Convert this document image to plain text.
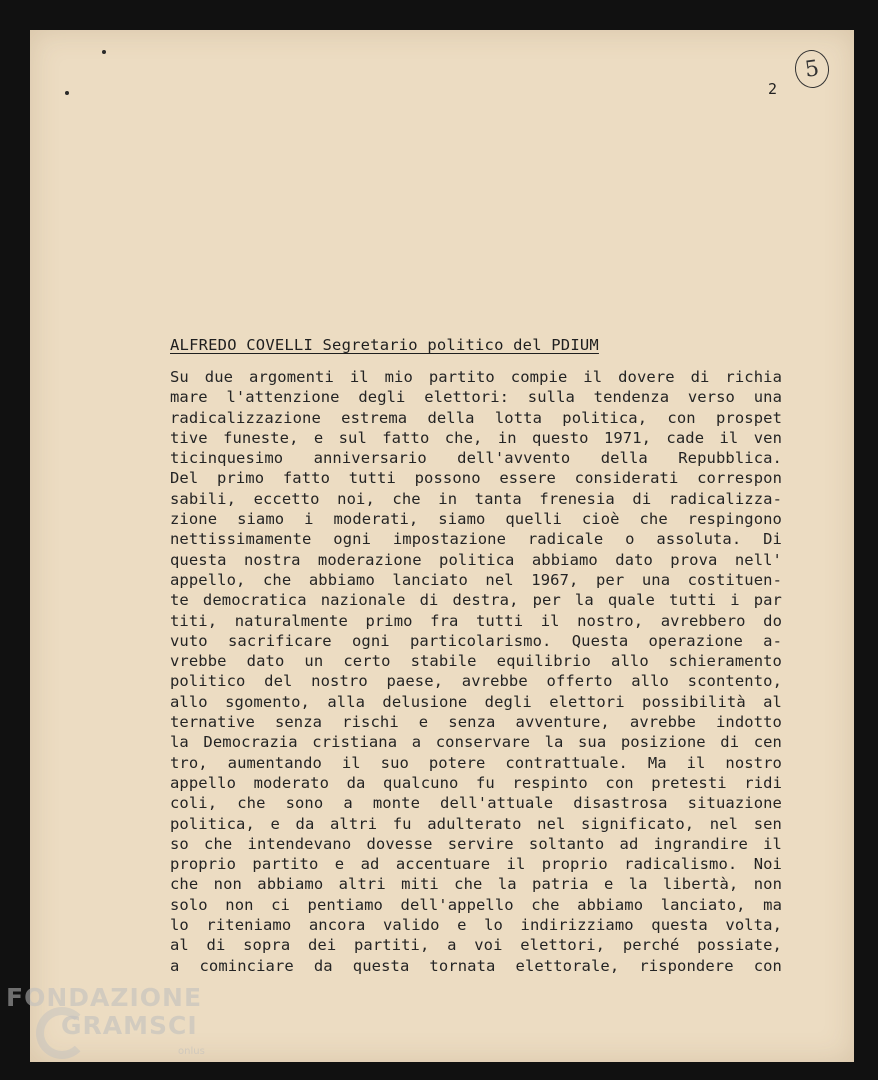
5
2
ALFREDO COVELLI Segretario politico del PDIUM
Su due argomenti il mio partito compie il dovere di richia
mare l'attenzione degli elettori: sulla tendenza verso una
radicalizzazione estrema della lotta politica, con prospet
tive funeste, e sul fatto che, in questo 1971, cade il ven
ticinquesimo anniversario dell'avvento della Repubblica.
Del primo fatto tutti possono essere considerati correspon
sabili, eccetto noi, che in tanta frenesia di radicalizza-
zione siamo i moderati, siamo quelli cioè che respingono
nettissimamente ogni impostazione radicale o assoluta. Di
questa nostra moderazione politica abbiamo dato prova nell'
appello, che abbiamo lanciato nel 1967, per una costituen-
te democratica nazionale di destra, per la quale tutti i par
titi, naturalmente primo fra tutti il nostro, avrebbero do
vuto sacrificare ogni particolarismo. Questa operazione a-
vrebbe dato un certo stabile equilibrio allo schieramento
politico del nostro paese, avrebbe offerto allo scontento,
allo sgomento, alla delusione degli elettori possibilità al
ternative senza rischi e senza avventure, avrebbe indotto
la Democrazia cristiana a conservare la sua posizione di cen
tro, aumentando il suo potere contrattuale. Ma il nostro
appello moderato da qualcuno fu respinto con pretesti ridi
coli, che sono a monte dell'attuale disastrosa situazione
politica, e da altri fu adulterato nel significato, nel sen
so che intendevano dovesse servire soltanto ad ingrandire il
proprio partito e ad accentuare il proprio radicalismo. Noi
che non abbiamo altri miti che la patria e la libertà, non
solo non ci pentiamo dell'appello che abbiamo lanciato, ma
lo riteniamo ancora valido e lo indirizziamo questa volta,
al di sopra dei partiti, a voi elettori, perché possiate,
a cominciare da questa tornata elettorale, rispondere con
FONDAZIONE
GRAMSCI
onlus
